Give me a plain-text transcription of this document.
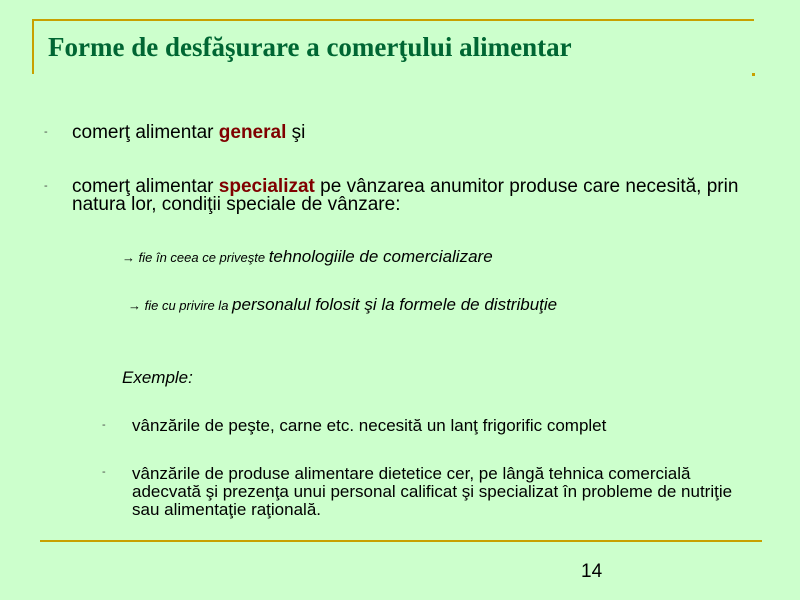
Forme de desfăşurare a comerţului alimentar
- comerţ alimentar general şi
- comerţ alimentar specializat pe vânzarea anumitor produse care necesită, prin natura lor, condiţii speciale de vânzare:
→ fie în ceea ce priveşte tehnologiile de comercializare
→ fie cu privire la personalul folosit şi la formele de distribuţie
Exemple:
- vânzările de peşte, carne etc. necesită un lanţ frigorific complet
- vânzările de produse alimentare dietetice cer, pe lângă tehnica comercială adecvată şi prezenţa unui personal calificat şi specializat în probleme de nutriţie sau alimentaţie raţională.
14
